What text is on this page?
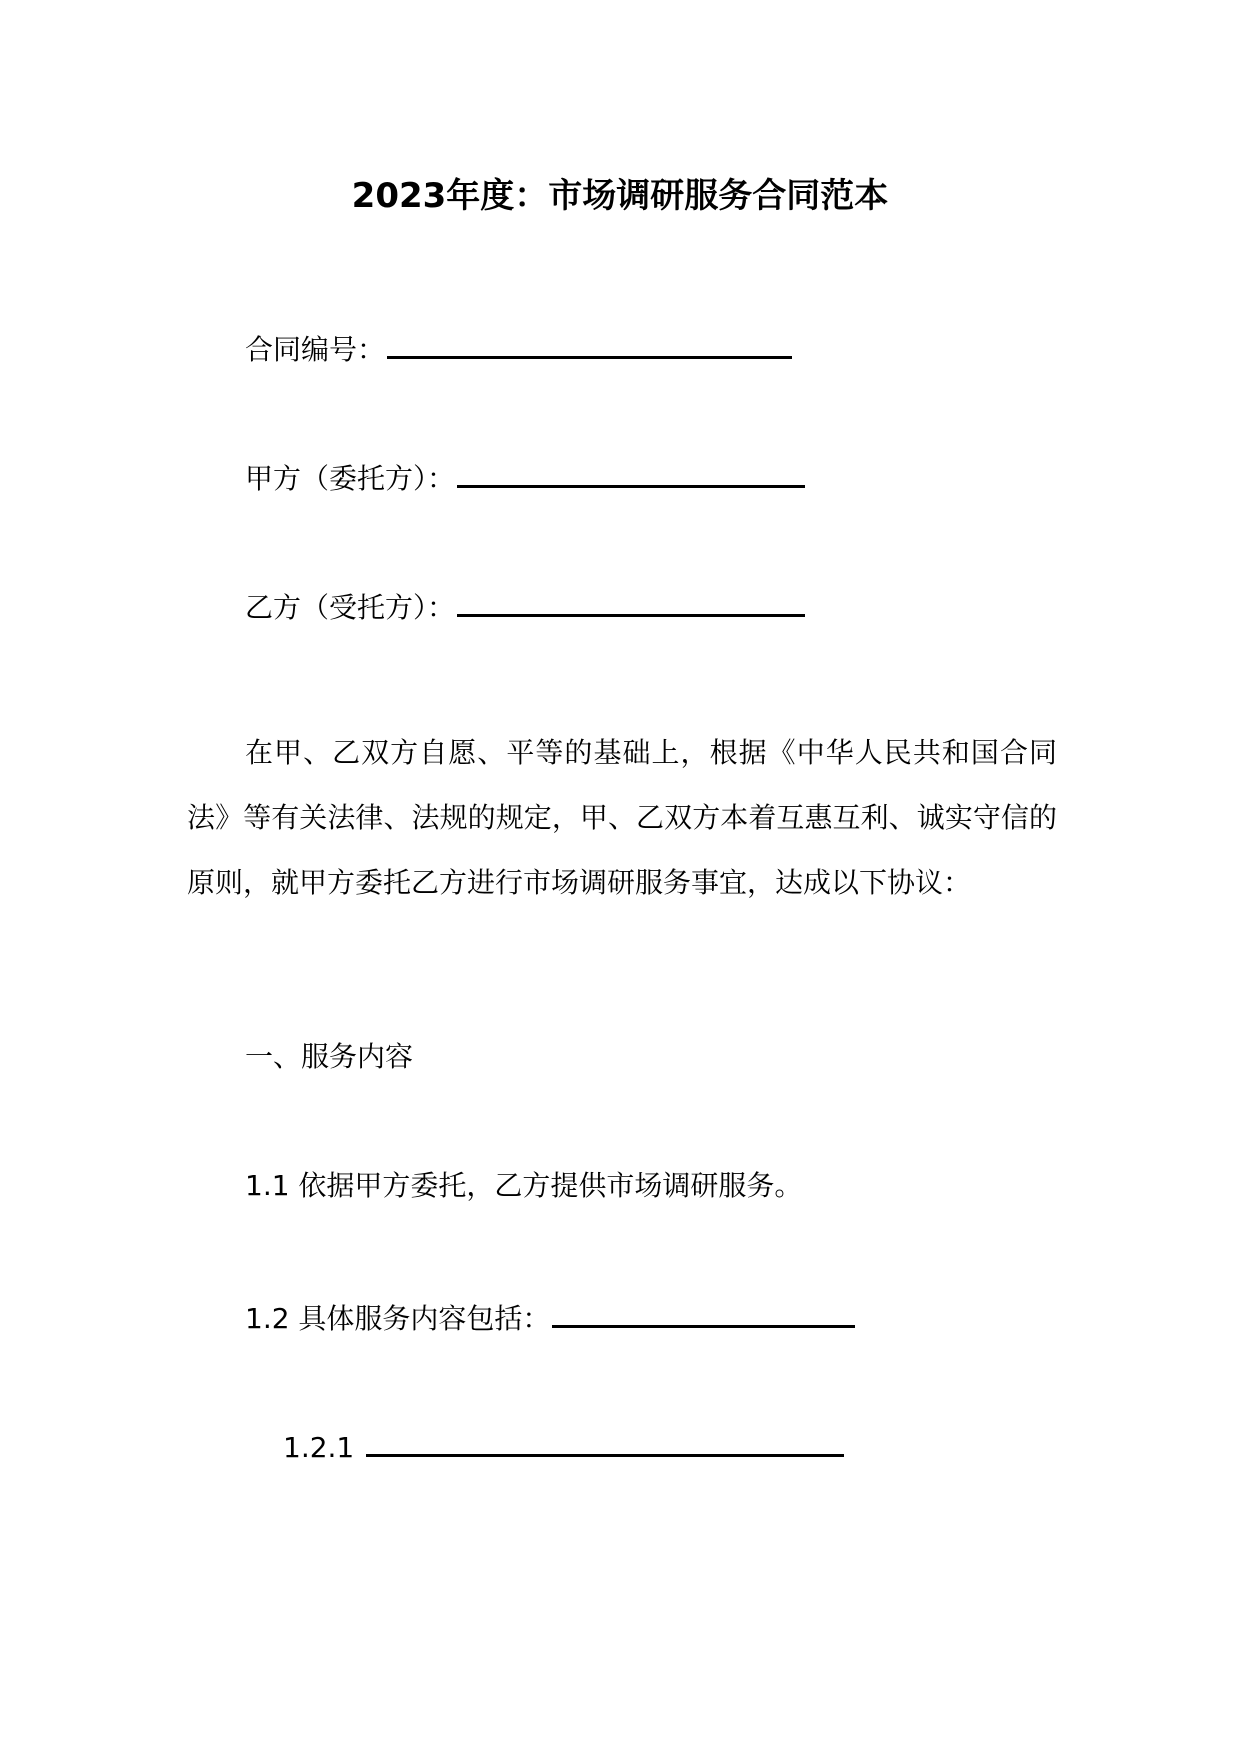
2023年度：市场调研服务合同范本
合同编号：
甲方（委托方）：
乙方（受托方）：

在甲、乙双方自愿、平等的基础上，根据《中华人民共和国合同法》等有关法律、法规的规定，甲、乙双方本着互惠互利、诚实守信的原则，就甲方委托乙方进行市场调研服务事宜，达成以下协议：

一、服务内容
1.1 依据甲方委托，乙方提供市场调研服务。
1.2 具体服务内容包括：
1.2.1
